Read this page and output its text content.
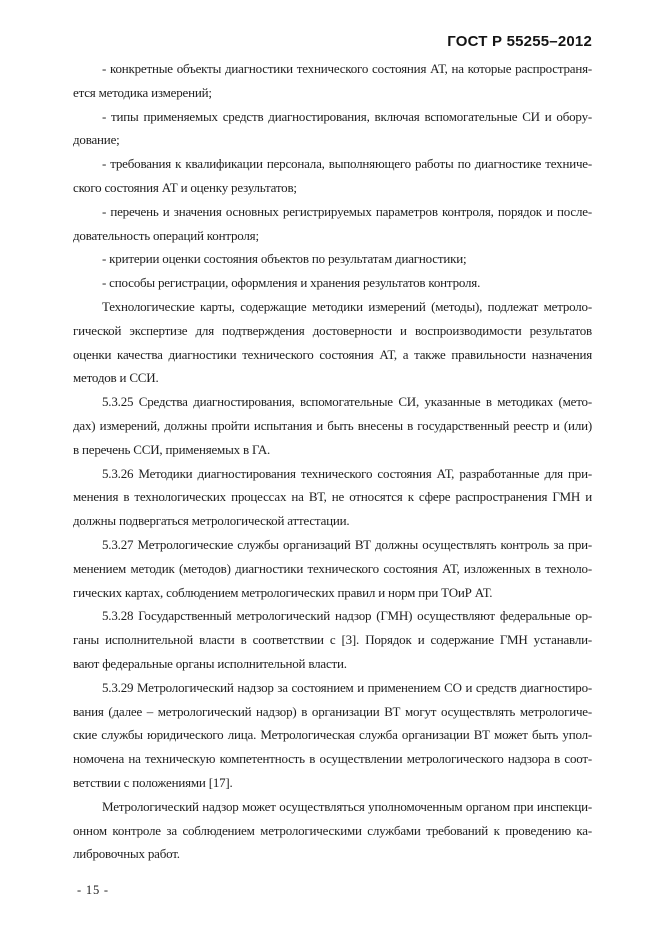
ГОСТ Р 55255–2012
- конкретные объекты диагностики технического состояния АТ, на которые распространя-
ется методика измерений;
- типы применяемых средств диагностирования, включая вспомогательные СИ и обору-
дование;
- требования к квалификации персонала, выполняющего работы по диагностике техниче-
ского состояния АТ и оценку результатов;
- перечень и значения основных регистрируемых параметров контроля, порядок и после-
довательность операций контроля;
- критерии оценки состояния объектов по результатам диагностики;
- способы регистрации, оформления и хранения результатов контроля.
Технологические карты, содержащие методики измерений (методы), подлежат метроло-
гической экспертизе для подтверждения достоверности и воспроизводимости результатов
оценки качества диагностики технического состояния АТ, а также правильности назначения
методов и ССИ.
5.3.25 Средства диагностирования, вспомогательные СИ, указанные в методиках (мето-
дах) измерений, должны пройти испытания и быть внесены в государственный реестр и (или)
в перечень ССИ, применяемых в ГА.
5.3.26 Методики диагностирования технического состояния АТ, разработанные для при-
менения в технологических процессах на ВТ, не относятся к сфере распространения ГМН и
должны подвергаться метрологической аттестации.
5.3.27 Метрологические службы организаций ВТ должны осуществлять контроль за при-
менением методик (методов) диагностики технического состояния АТ, изложенных в техноло-
гических картах, соблюдением метрологических правил и норм при ТОиР АТ.
5.3.28 Государственный метрологический надзор (ГМН) осуществляют федеральные ор-
ганы исполнительной власти в соответствии с [3]. Порядок и содержание ГМН устанавли-
вают федеральные органы исполнительной власти.
5.3.29 Метрологический надзор за состоянием и применением СО и средств диагностиро-
вания (далее – метрологический надзор) в организации ВТ могут осуществлять метрологиче-
ские службы юридического лица. Метрологическая служба организации ВТ может быть упол-
номочена на техническую компетентность в осуществлении метрологического надзора в соот-
ветствии с положениями [17].
Метрологический надзор может осуществляться уполномоченным органом при инспекци-
онном контроле за соблюдением метрологическими службами требований к проведению ка-
либровочных работ.
- 15 -
